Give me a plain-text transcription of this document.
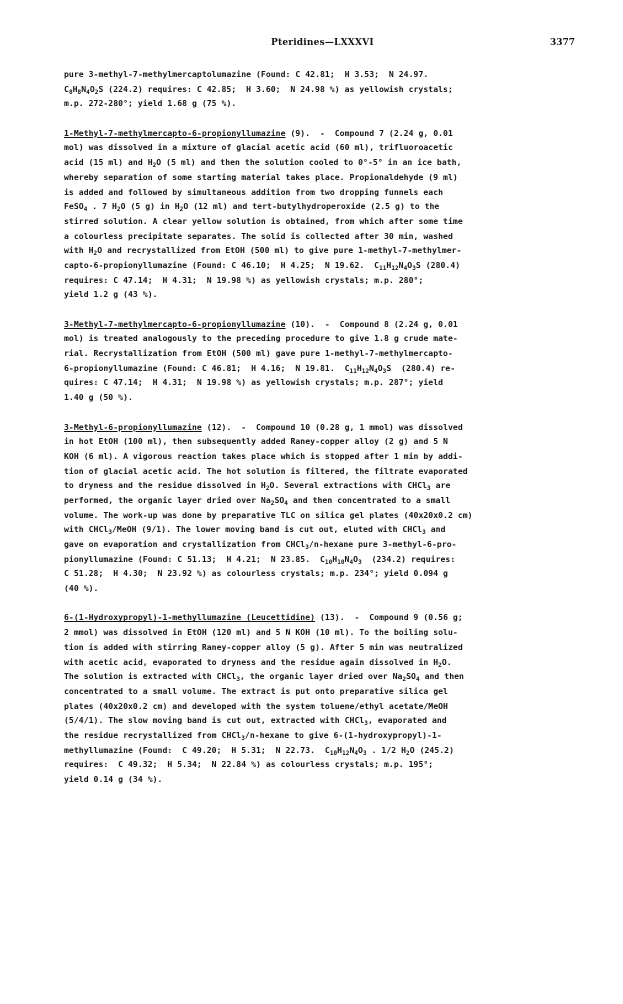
Pteridines—LXXXVI	3377
pure 3-methyl-7-methylmercaptolumazine (Found: C 42.81;  H 3.53;  N 24.97.
$C_8H_8N_4O_2S$ (224.2) requires: C 42.85;  H 3.60;  N 24.98 %) as yellowish crystals;
m.p. 272-280°; yield 1.68 g (75 %).
1-Methyl-7-methylmercapto-6-propionyllumazine (9).  -  Compound 7 (2.24 g, 0.01
mol) was dissolved in a mixture of glacial acetic acid (60 ml), trifluoroacetic
acid (15 ml) and $H_2O$ (5 ml) and then the solution cooled to 0°-5° in an ice bath,
whereby separation of some starting material takes place. Propionaldehyde (9 ml)
is added and followed by simultaneous addition from two dropping funnels each
FeSO$_4$ . 7 $H_2O$ (5 g) in $H_2O$ (12 ml) and tert-butylhydroperoxide (2.5 g) to the
stirred solution. A clear yellow solution is obtained, from which after some time
a colourless precipitate separates. The solid is collected after 30 min, washed
with $H_2O$ and recrystallized from EtOH (500 ml) to give pure 1-methyl-7-methylmer-
capto-6-propionyllumazine (Found: C 46.10;  H 4.25;  N 19.62.  $C_{11}H_{12}N_4O_3S$ (280.4)
requires: C 47.14;  H 4.31;  N 19.98 %) as yellowish crystals; m.p. 280°;
yield 1.2 g (43 %).
3-Methyl-7-methylmercapto-6-propionyllumazine (10).  -  Compound 8 (2.24 g, 0.01
mol) is treated analogously to the preceding procedure to give 1.8 g crude mate-
rial. Recrystallization from EtOH (500 ml) gave pure 1-methyl-7-methylmercapto-
6-propionyllumazine (Found: C 46.81;  H 4.16;  N 19.81.  $C_{11}H_{12}N_4O_3S$  (280.4) re-
quires: C 47.14;  H 4.31;  N 19.98 %) as yellowish crystals; m.p. 287°; yield
1.40 g (50 %).
3-Methyl-6-propionyllumazine (12).  -  Compound 10 (0.28 g, 1 mmol) was dissolved
in hot EtOH (100 ml), then subsequently added Raney-copper alloy (2 g) and 5 N
KOH (6 ml). A vigorous reaction takes place which is stopped after 1 min by addi-
tion of glacial acetic acid. The hot solution is filtered, the filtrate evaporated
to dryness and the residue dissolved in $H_2O$. Several extractions with CHCl$_3$ are
performed, the organic layer dried over $Na_2SO_4$ and then concentrated to a small
volume. The work-up was done by preparative TLC on silica gel plates (40x20x0.2 cm)
with CHCl$_3$/MeOH (9/1). The lower moving band is cut out, eluted with CHCl$_3$ and
gave on evaporation and crystallization from CHCl$_3$/n-hexane pure 3-methyl-6-pro-
pionyllumazine (Found: C 51.13;  H 4.21;  N 23.85.  $C_{10}H_{10}N_4O_3$  (234.2) requires:
C 51.28;  H 4.30;  N 23.92 %) as colourless crystals; m.p. 234°; yield 0.094 g
(40 %).
6-(1-Hydroxypropyl)-1-methyllumazine (Leucettidine) (13).  -  Compound 9 (0.56 g;
2 mmol) was dissolved in EtOH (120 ml) and 5 N KOH (10 ml). To the boiling solu-
tion is added with stirring Raney-copper alloy (5 g). After 5 min was neutralized
with acetic acid, evaporated to dryness and the residue again dissolved in $H_2O$.
The solution is extracted with CHCl$_3$, the organic layer dried over $Na_2SO_4$ and then
concentrated to a small volume. The extract is put onto preparative silica gel
plates (40x20x0.2 cm) and developed with the system toluene/ethyl acetate/MeOH
(5/4/1). The slow moving band is cut out, extracted with CHCl$_3$, evaporated and
the residue recrystallized from CHCl$_3$/n-hexane to give 6-(1-hydroxypropyl)-1-
methyllumazine (Found:  C 49.20;  H 5.31;  N 22.73.  $C_{10}H_{12}N_4O_3$ . 1/2 $H_2O$ (245.2)
requires:  C 49.32;  H 5.34;  N 22.84 %) as colourless crystals; m.p. 195°;
yield 0.14 g (34 %).
